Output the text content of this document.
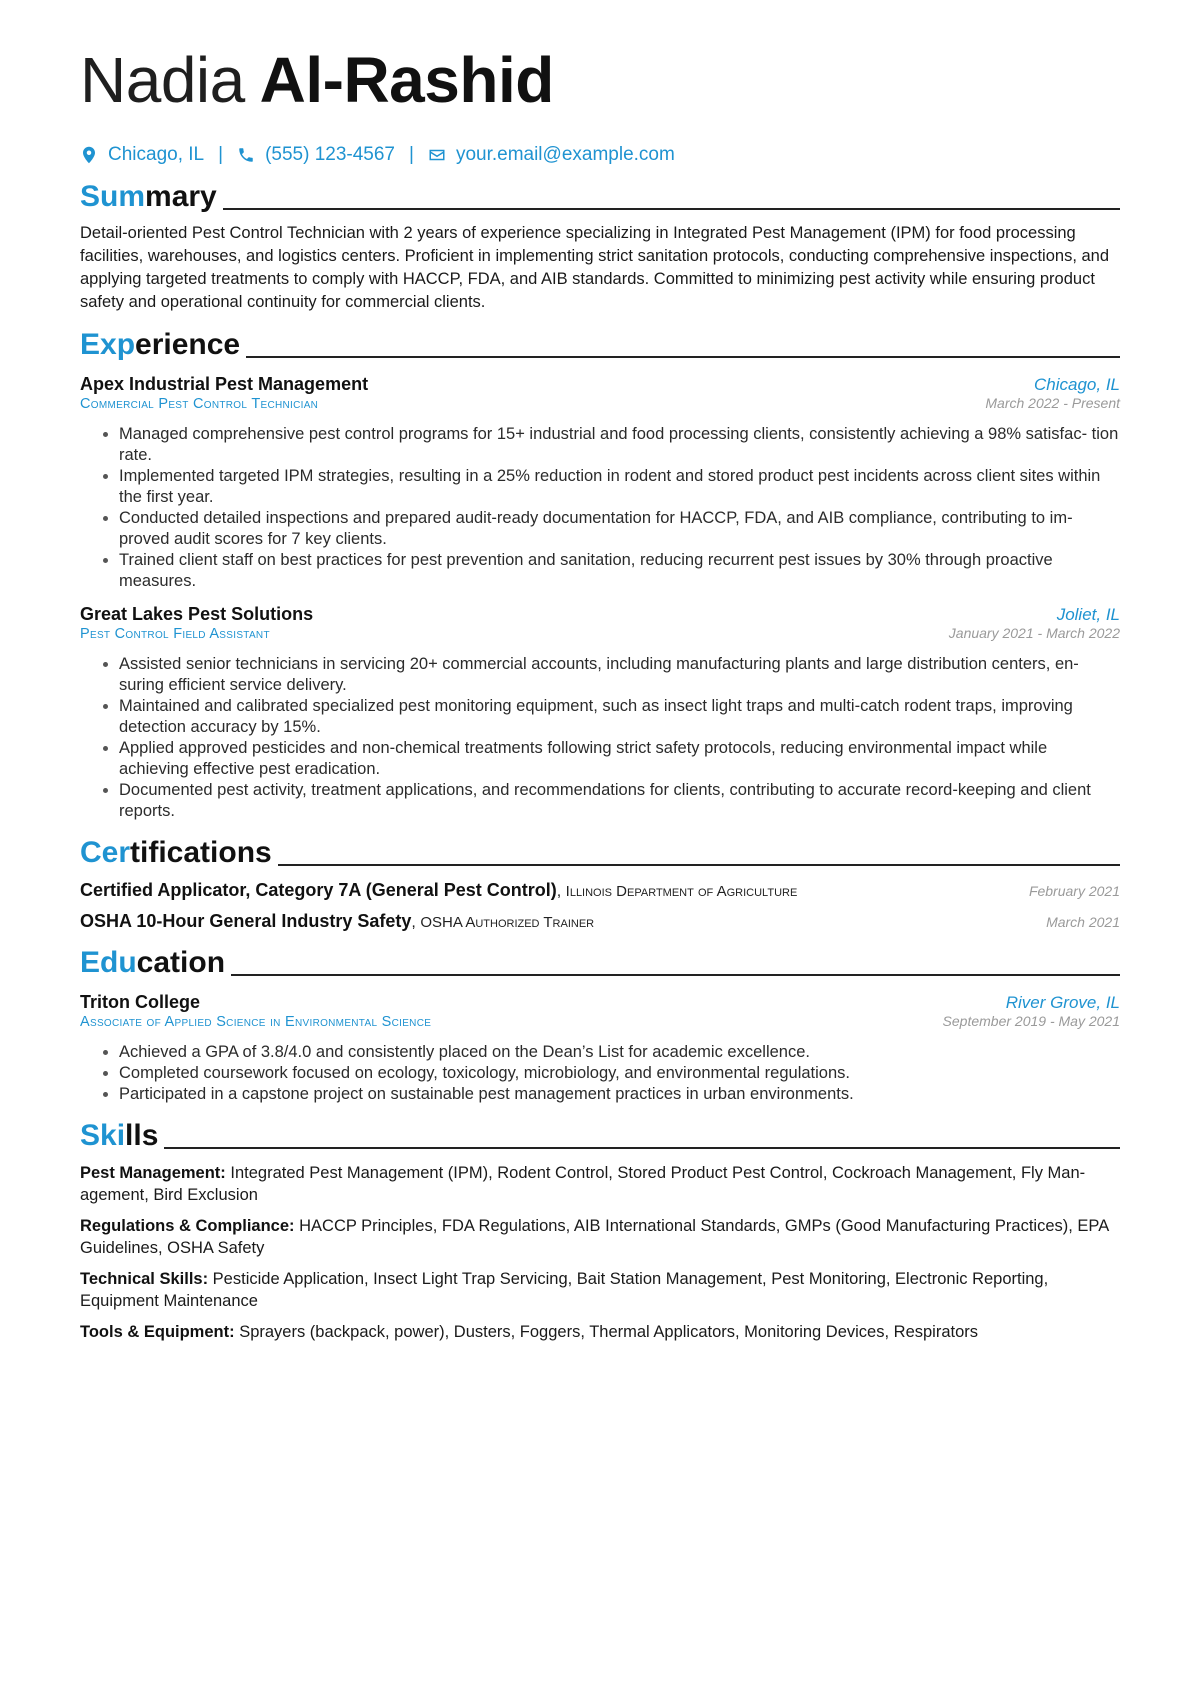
Nadia Al-Rashid
Chicago, IL | (555) 123-4567 | your.email@example.com
Summary

Detail-oriented Pest Control Technician with 2 years of experience specializing in Integrated Pest Management (IPM) for food processing facilities, warehouses, and logistics centers. Proficient in implementing strict sanitation protocols, conducting comprehensive inspections, and applying targeted treatments to comply with HACCP, FDA, and AIB standards. Committed to minimizing pest activity while ensuring product safety and operational continuity for commercial clients.

Experience
Apex Industrial Pest Management	Chicago, IL
Commercial Pest Control Technician	March 2022 - Present
• Managed comprehensive pest control programs for 15+ industrial and food processing clients, consistently achieving a 98% satisfac- tion rate.
• Implemented targeted IPM strategies, resulting in a 25% reduction in rodent and stored product pest incidents across client sites within the first year.
• Conducted detailed inspections and prepared audit-ready documentation for HACCP, FDA, and AIB compliance, contributing to im- proved audit scores for 7 key clients.
• Trained client staff on best practices for pest prevention and sanitation, reducing recurrent pest issues by 30% through proactive measures.
Great Lakes Pest Solutions	Joliet, IL
Pest Control Field Assistant	January 2021 - March 2022
• Assisted senior technicians in servicing 20+ commercial accounts, including manufacturing plants and large distribution centers, en- suring efficient service delivery.
• Maintained and calibrated specialized pest monitoring equipment, such as insect light traps and multi-catch rodent traps, improving detection accuracy by 15%.
• Applied approved pesticides and non-chemical treatments following strict safety protocols, reducing environmental impact while achieving effective pest eradication.
• Documented pest activity, treatment applications, and recommendations for clients, contributing to accurate record-keeping and client reports.
Certifications
Certified Applicator, Category 7A (General Pest Control), Illinois Department of Agriculture	February 2021
OSHA 10-Hour General Industry Safety, OSHA Authorized Trainer	March 2021
Education
Triton College	River Grove, IL
Associate of Applied Science in Environmental Science	September 2019 - May 2021
• Achieved a GPA of 3.8/4.0 and consistently placed on the Dean’s List for academic excellence.
• Completed coursework focused on ecology, toxicology, microbiology, and environmental regulations.
• Participated in a capstone project on sustainable pest management practices in urban environments.
Skills
Pest Management: Integrated Pest Management (IPM), Rodent Control, Stored Product Pest Control, Cockroach Management, Fly Man- agement, Bird Exclusion
Regulations & Compliance: HACCP Principles, FDA Regulations, AIB International Standards, GMPs (Good Manufacturing Practices), EPA Guidelines, OSHA Safety
Technical Skills: Pesticide Application, Insect Light Trap Servicing, Bait Station Management, Pest Monitoring, Electronic Reporting, Equipment Maintenance
Tools & Equipment: Sprayers (backpack, power), Dusters, Foggers, Thermal Applicators, Monitoring Devices, Respirators
